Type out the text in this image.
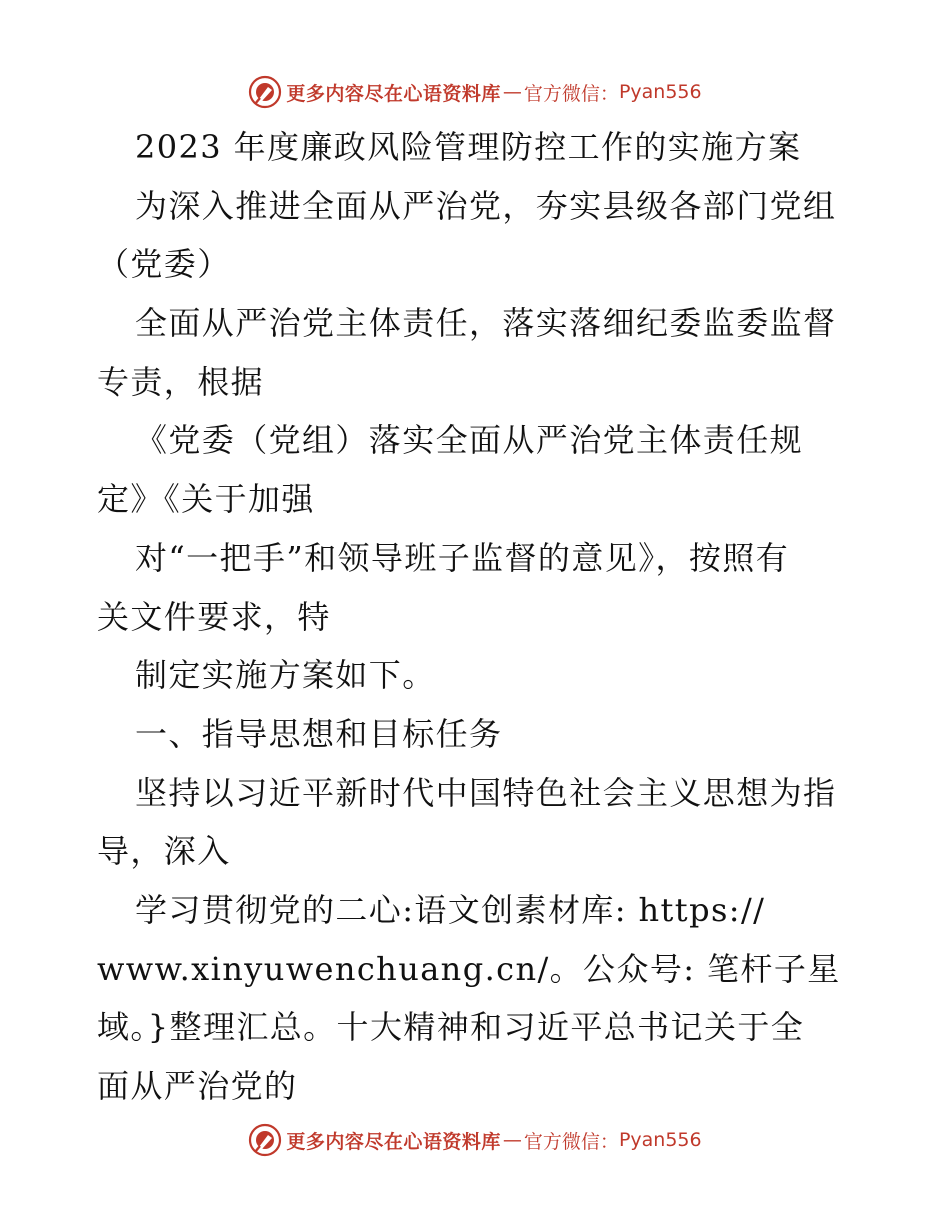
更多内容尽在心语资料库 — 官方微信： Pyan556
2023 年度廉政风险管理防控工作的实施方案
为深入推进全面从严治党，夯实县级各部门党组
（党委）
全面从严治党主体责任，落实落细纪委监委监督
专责，根据
《党委（党组）落实全面从严治党主体责任规
定》《关于加强
对“一把手”和领导班子监督的意见》，按照有
关文件要求，特
制定实施方案如下。
一、指导思想和目标任务
坚持以习近平新时代中国特色社会主义思想为指
导，深入
学习贯彻党的二心:语文创素材库: https://
www.xinyuwenchuang.cn/。公众号: 笔杆子星
域。}整理汇总。十大精神和习近平总书记关于全
面从严治党的
更多内容尽在心语资料库 — 官方微信： Pyan556
